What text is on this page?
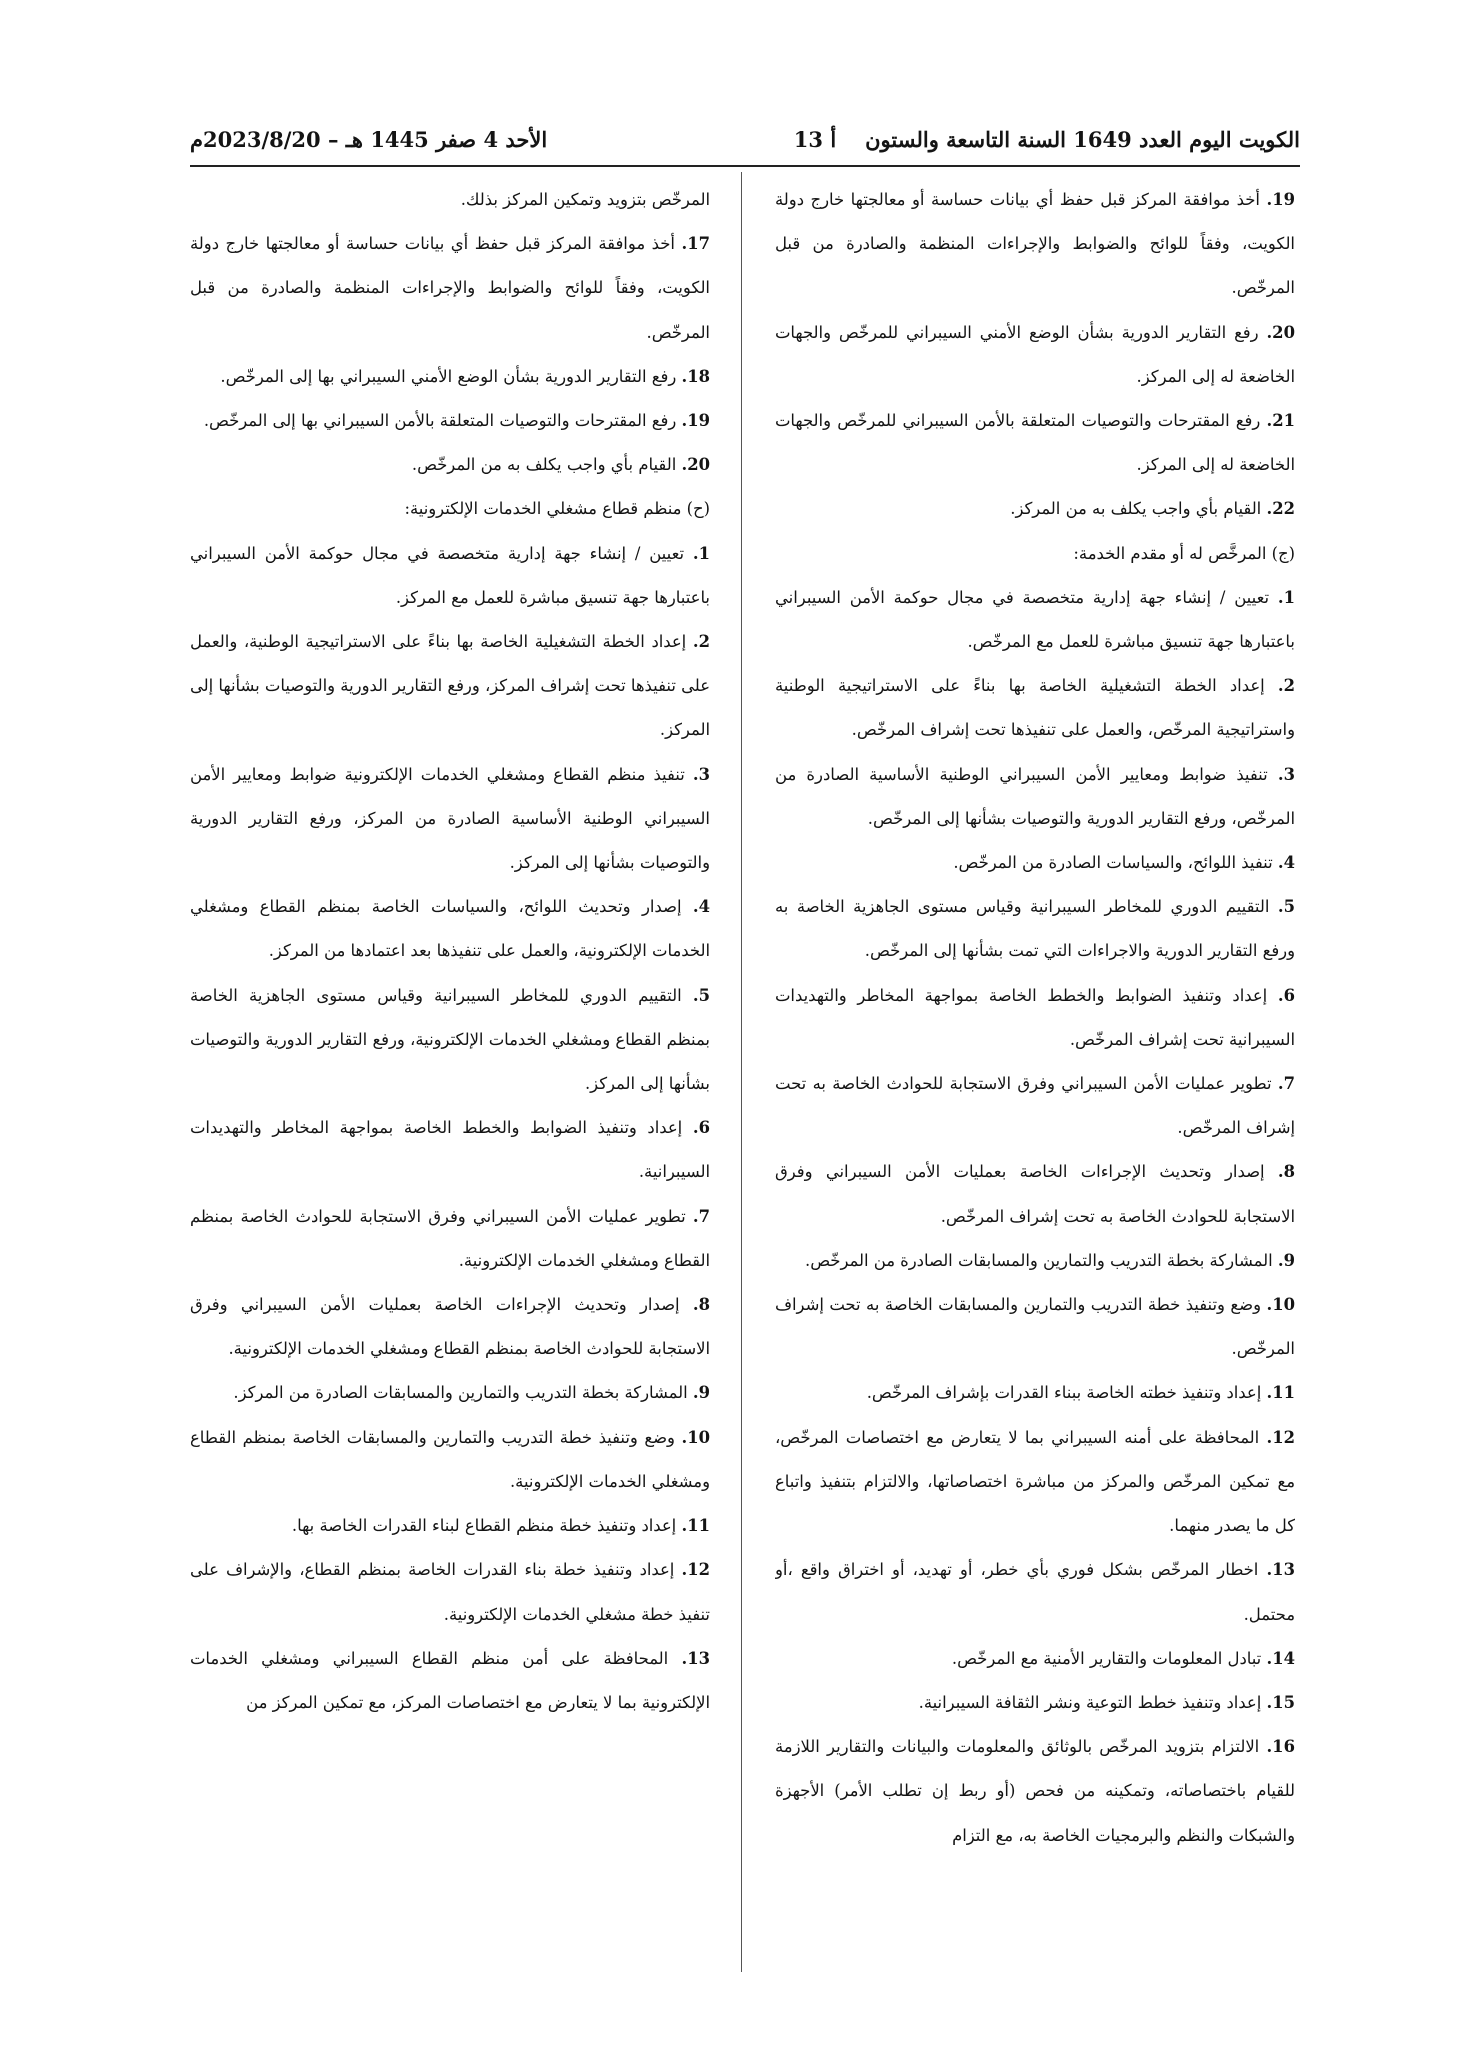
الكويت اليوم العدد 1649 السنة التاسعة والستون
أ 13
الأحد 4 صفر 1445 هـ – 2023/8/20م

19. أخذ موافقة المركز قبل حفظ أي بيانات حساسة أو معالجتها خارج دولة الكويت، وفقاً للوائح والضوابط والإجراءات المنظمة والصادرة من قبل المرخّص.

20. رفع التقارير الدورية بشأن الوضع الأمني السيبراني للمرخّص والجهات الخاضعة له إلى المركز.

21. رفع المقترحات والتوصيات المتعلقة بالأمن السيبراني للمرخّص والجهات الخاضعة له إلى المركز.

22. القيام بأي واجب يكلف به من المركز.

(ج) المرخَّص له أو مقدم الخدمة:

1. تعيين / إنشاء جهة إدارية متخصصة في مجال حوكمة الأمن السيبراني باعتبارها جهة تنسيق مباشرة للعمل مع المرخّص.

2. إعداد الخطة التشغيلية الخاصة بها بناءً على الاستراتيجية الوطنية واستراتيجية المرخّص، والعمل على تنفيذها تحت إشراف المرخّص.

3. تنفيذ ضوابط ومعايير الأمن السيبراني الوطنية الأساسية الصادرة من المرخّص، ورفع التقارير الدورية والتوصيات بشأنها إلى المرخّص.

4. تنفيذ اللوائح، والسياسات الصادرة من المرخّص.

5. التقييم الدوري للمخاطر السيبرانية وقياس مستوى الجاهزية الخاصة به ورفع التقارير الدورية والاجراءات التي تمت بشأنها إلى المرخّص.

6. إعداد وتنفيذ الضوابط والخطط الخاصة بمواجهة المخاطر والتهديدات السيبرانية تحت إشراف المرخّص.

7. تطوير عمليات الأمن السيبراني وفرق الاستجابة للحوادث الخاصة به تحت إشراف المرخّص.

8. إصدار وتحديث الإجراءات الخاصة بعمليات الأمن السيبراني وفرق الاستجابة للحوادث الخاصة به تحت إشراف المرخّص.

9. المشاركة بخطة التدريب والتمارين والمسابقات الصادرة من المرخّص.

10. وضع وتنفيذ خطة التدريب والتمارين والمسابقات الخاصة به تحت إشراف المرخّص.

11. إعداد وتنفيذ خطته الخاصة ببناء القدرات بإشراف المرخّص.

12. المحافظة على أمنه السيبراني بما لا يتعارض مع اختصاصات المرخّص، مع تمكين المرخّص والمركز من مباشرة اختصاصاتها، والالتزام بتنفيذ واتباع كل ما يصدر منهما.

13. اخطار المرخّص بشكل فوري بأي خطر، أو تهديد، أو اختراق واقع ،أو محتمل.

14. تبادل المعلومات والتقارير الأمنية مع المرخّص.

15. إعداد وتنفيذ خطط التوعية ونشر الثقافة السيبرانية.

16. الالتزام بتزويد المرخّص بالوثائق والمعلومات والبيانات والتقارير اللازمة للقيام باختصاصاته، وتمكينه من فحص (أو ربط إن تطلب الأمر) الأجهزة والشبكات والنظم والبرمجيات الخاصة به، مع التزام

المرخّص بتزويد وتمكين المركز بذلك.

17. أخذ موافقة المركز قبل حفظ أي بيانات حساسة أو معالجتها خارج دولة الكويت، وفقاً للوائح والضوابط والإجراءات المنظمة والصادرة من قبل المرخّص.

18. رفع التقارير الدورية بشأن الوضع الأمني السيبراني بها إلى المرخّص.

19. رفع المقترحات والتوصيات المتعلقة بالأمن السيبراني بها إلى المرخّص.

20. القيام بأي واجب يكلف به من المرخّص.

(ح) منظم قطاع مشغلي الخدمات الإلكترونية:

1. تعيين / إنشاء جهة إدارية متخصصة في مجال حوكمة الأمن السيبراني باعتبارها جهة تنسيق مباشرة للعمل مع المركز.

2. إعداد الخطة التشغيلية الخاصة بها بناءً على الاستراتيجية الوطنية، والعمل على تنفيذها تحت إشراف المركز، ورفع التقارير الدورية والتوصيات بشأنها إلى المركز.

3. تنفيذ منظم القطاع ومشغلي الخدمات الإلكترونية ضوابط ومعايير الأمن السيبراني الوطنية الأساسية الصادرة من المركز، ورفع التقارير الدورية والتوصيات بشأنها إلى المركز.

4. إصدار وتحديث اللوائح، والسياسات الخاصة بمنظم القطاع ومشغلي الخدمات الإلكترونية، والعمل على تنفيذها بعد اعتمادها من المركز.

5. التقييم الدوري للمخاطر السيبرانية وقياس مستوى الجاهزية الخاصة بمنظم القطاع ومشغلي الخدمات الإلكترونية، ورفع التقارير الدورية والتوصيات بشأنها إلى المركز.

6. إعداد وتنفيذ الضوابط والخطط الخاصة بمواجهة المخاطر والتهديدات السيبرانية.

7. تطوير عمليات الأمن السيبراني وفرق الاستجابة للحوادث الخاصة بمنظم القطاع ومشغلي الخدمات الإلكترونية.

8. إصدار وتحديث الإجراءات الخاصة بعمليات الأمن السيبراني وفرق الاستجابة للحوادث الخاصة بمنظم القطاع ومشغلي الخدمات الإلكترونية.

9. المشاركة بخطة التدريب والتمارين والمسابقات الصادرة من المركز.

10. وضع وتنفيذ خطة التدريب والتمارين والمسابقات الخاصة بمنظم القطاع ومشغلي الخدمات الإلكترونية.

11. إعداد وتنفيذ خطة منظم القطاع لبناء القدرات الخاصة بها.

12. إعداد وتنفيذ خطة بناء القدرات الخاصة بمنظم القطاع، والإشراف على تنفيذ خطة مشغلي الخدمات الإلكترونية.

13. المحافظة على أمن منظم القطاع السيبراني ومشغلي الخدمات الإلكترونية بما لا يتعارض مع اختصاصات المركز، مع تمكين المركز من
